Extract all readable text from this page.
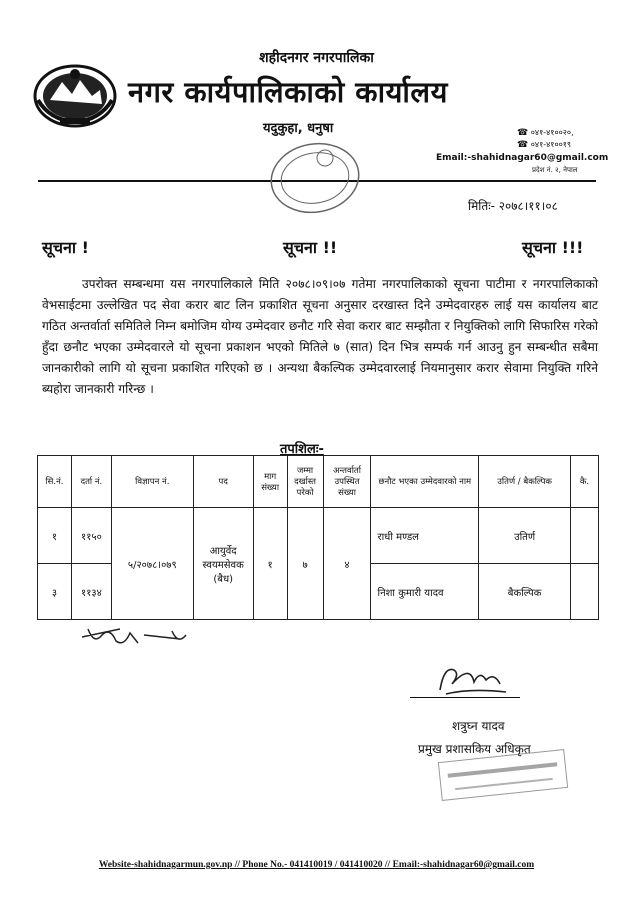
शहीदनगर नगरपालिका
नगर कार्यपालिकाको कार्यालय
यदुकुहा, धनुषा	☎ ०४१-४१००२०,
☎ ०४१-४१००१९
Email:-shahidnagar60@gmail.com
प्रदेश नं. २, नेपाल
मितिः- २०७८।११।०८
सूचना !	सूचना !!	सूचना !!!
उपरोक्त सम्बन्धमा यस नगरपालिकाले मिति २०७८।०९।०७ गतेमा नगरपालिकाको सूचना पाटीमा र नगरपालिकाको वेभसाईटमा उल्लेखित पद सेवा करार बाट लिन प्रकाशित सूचना अनुसार दरखास्त दिने उम्मेदवारहरु लाई यस कार्यालय बाट गठित अन्तर्वार्ता समितिले निम्न बमोजिम योग्य उम्मेदवार छनौट गरि सेवा करार बाट सम्झौता र नियुक्तिको लागि सिफारिस गरेको हुँदा छनौट भएका उम्मेदवारले यो सूचना प्रकाशन भएको मितिले ७ (सात) दिन भित्र सम्पर्क गर्न आउनु हुन सम्बन्धीत सबैमा जानकारीको लागि यो सूचना प्रकाशित गरिएको छ । अन्यथा बैकल्पिक उम्मेदवारलाई नियमानुसार करार सेवामा नियुक्ति गरिने ब्यहोरा जानकारी गरिन्छ ।
तपशिलः-
सि.नं.	दर्ता नं.	विज्ञापन नं.	पद	माग संख्या	जम्मा दर्खास्त परेको	अन्तर्वार्ता उपस्थित संख्या	छनौट भएका उम्मेदवारको नाम	उतिर्ण / बैकल्पिक	कै.
१	११५०	५/२०७८।०७९	आयुर्वेद
स्वयमसेवक
(बैध)	१	७	४	राधी मण्डल	उतिर्ण	
३	११३४						निशा कुमारी यादव	बैकल्पिक	
शत्रुघ्न यादव
प्रमुख प्रशासकिय अधिकृत
Website-shahidnagarmun.gov.np // Phone No.- 041410019 / 041410020 // Email:-shahidnagar60@gmail.com
